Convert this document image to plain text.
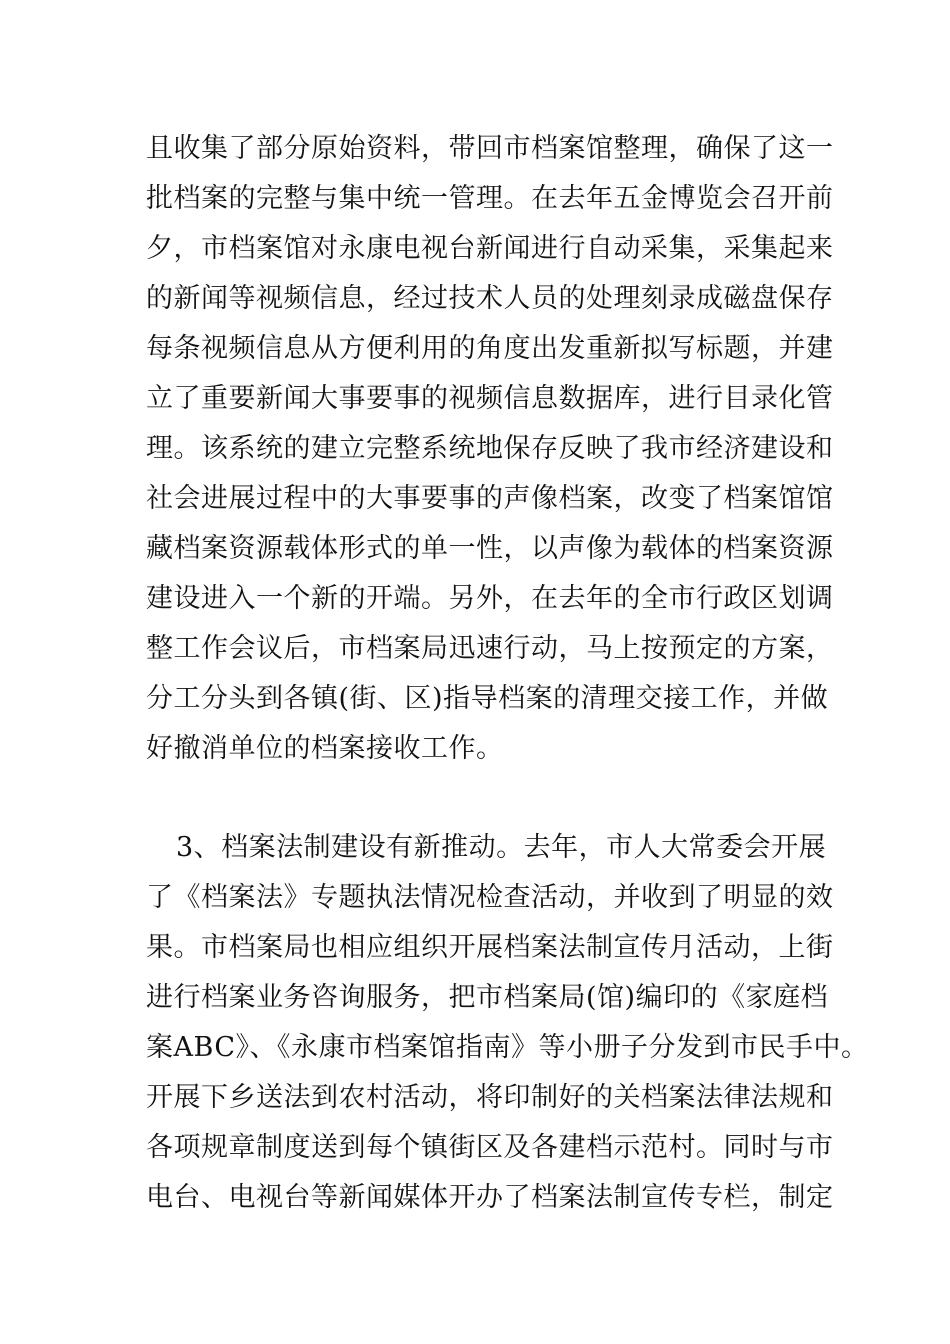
且收集了部分原始资料，带回市档案馆整理，确保了这一
批档案的完整与集中统一管理。在去年五金博览会召开前
夕，市档案馆对永康电视台新闻进行自动采集，采集起来
的新闻等视频信息，经过技术人员的处理刻录成磁盘保存
每条视频信息从方便利用的角度出发重新拟写标题，并建
立了重要新闻大事要事的视频信息数据库，进行目录化管
理。该系统的建立完整系统地保存反映了我市经济建设和
社会进展过程中的大事要事的声像档案，改变了档案馆馆
藏档案资源载体形式的单一性，以声像为载体的档案资源
建设进入一个新的开端。另外，在去年的全市行政区划调
整工作会议后，市档案局迅速行动，马上按预定的方案，
分工分头到各镇(街、区)指导档案的清理交接工作，并做
好撤消单位的档案接收工作。
3、档案法制建设有新推动。去年，市人大常委会开展
了《档案法》专题执法情况检查活动，并收到了明显的效
果。市档案局也相应组织开展档案法制宣传月活动，上街
进行档案业务咨询服务，把市档案局(馆)编印的《家庭档
案ABC》、《永康市档案馆指南》等小册子分发到市民手中。
开展下乡送法到农村活动，将印制好的关档案法律法规和
各项规章制度送到每个镇街区及各建档示范村。同时与市
电台、电视台等新闻媒体开办了档案法制宣传专栏，制定
